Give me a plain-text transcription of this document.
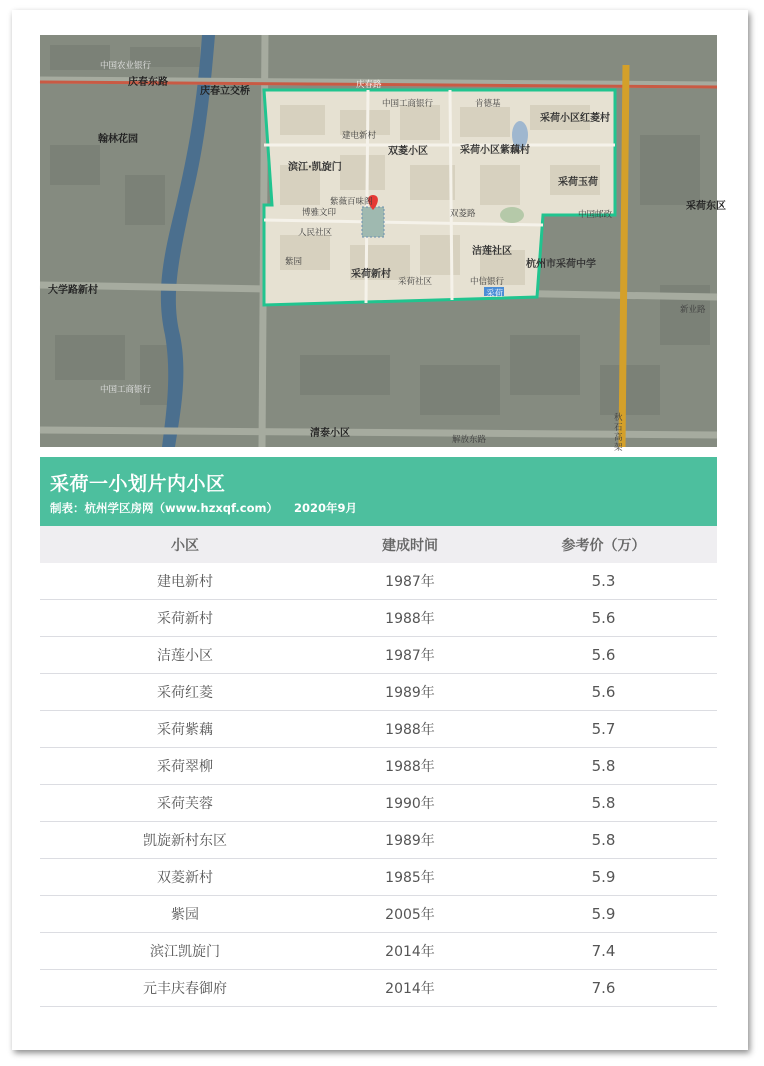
滨江·凯旋门
双菱小区	采荷小区紫藕村
采荷小区红菱村
采荷玉荷
采荷新村
洁莲社区
杭州市采荷中学
双菱路
中国工商银行	肯德基
建电新村
紫薇百味阁
博雅文印
人民社区
紫园
采荷社区	中信银行
中国邮政
采荷
庆春东路
庆春立交桥
翰林花园
大学路新村
清泰小区
解放东路
秋石高架
新业路
采荷东区
中国农业银行
中国工商银行
庆春路
采荷一小划片内小区
制表：杭州学区房网（www.hzxqf.com） 2020年9月
小区	建成时间	参考价（万）
建电新村	1987年	5.3
采荷新村	1988年	5.6
洁莲小区	1987年	5.6
采荷红菱	1989年	5.6
采荷紫藕	1988年	5.7
采荷翠柳	1988年	5.8
采荷芙蓉	1990年	5.8
凯旋新村东区	1989年	5.8
双菱新村	1985年	5.9
紫园	2005年	5.9
滨江凯旋门	2014年	7.4
元丰庆春御府	2014年	7.6
